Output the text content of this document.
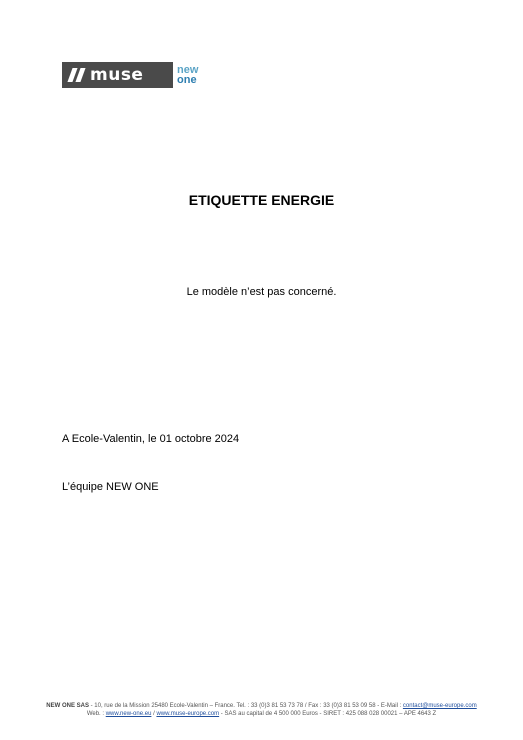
muse	new
one
ETIQUETTE ENERGIE
Le modèle n’est pas concerné.
A Ecole-Valentin, le 01 octobre 2024
L’équipe NEW ONE
NEW ONE SAS - 10, rue de la Mission 25480 Ecole-Valentin – France. Tel. : 33 (0)3 81 53 73 78 / Fax : 33 (0)3 81 53 09 58 - E-Mail : contact@muse-europe.com
Web. : www.new-one.eu / www.muse-europe.com - SAS au capital de 4 500 000 Euros - SIRET : 425 088 028 00021 – APE 4643 Z
